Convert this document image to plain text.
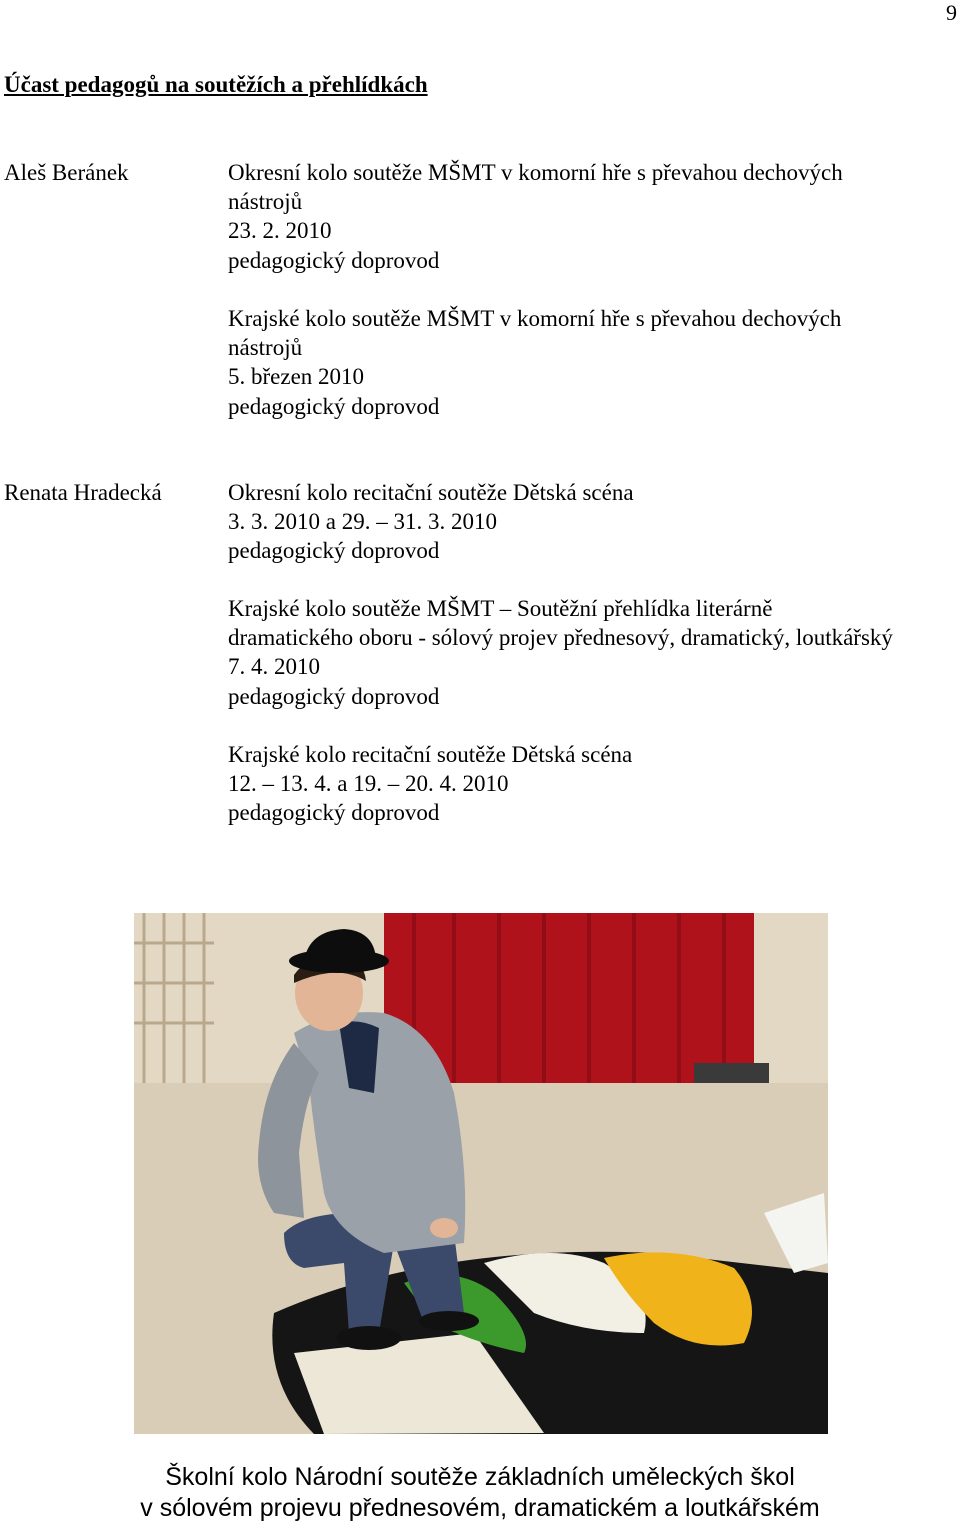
9
Účast pedagogů na soutěžích a přehlídkách
Aleš Beránek	Okresní kolo soutěže MŠMT v komorní hře s převahou dechových
nástrojů
23. 2. 2010
pedagogický doprovod
Krajské kolo soutěže MŠMT v komorní hře s převahou dechových
nástrojů
5. březen 2010
pedagogický doprovod
Renata Hradecká	Okresní kolo recitační soutěže Dětská scéna
3. 3. 2010 a 29. – 31. 3. 2010
pedagogický doprovod
Krajské kolo soutěže MŠMT – Soutěžní přehlídka literárně
dramatického oboru - sólový projev přednesový, dramatický, loutkářský
7. 4. 2010
pedagogický doprovod
Krajské kolo recitační soutěže Dětská scéna
12. – 13. 4. a 19. – 20. 4. 2010
pedagogický doprovod
Školní kolo Národní soutěže základních uměleckých škol
v sólovém projevu přednesovém, dramatickém a loutkářském
